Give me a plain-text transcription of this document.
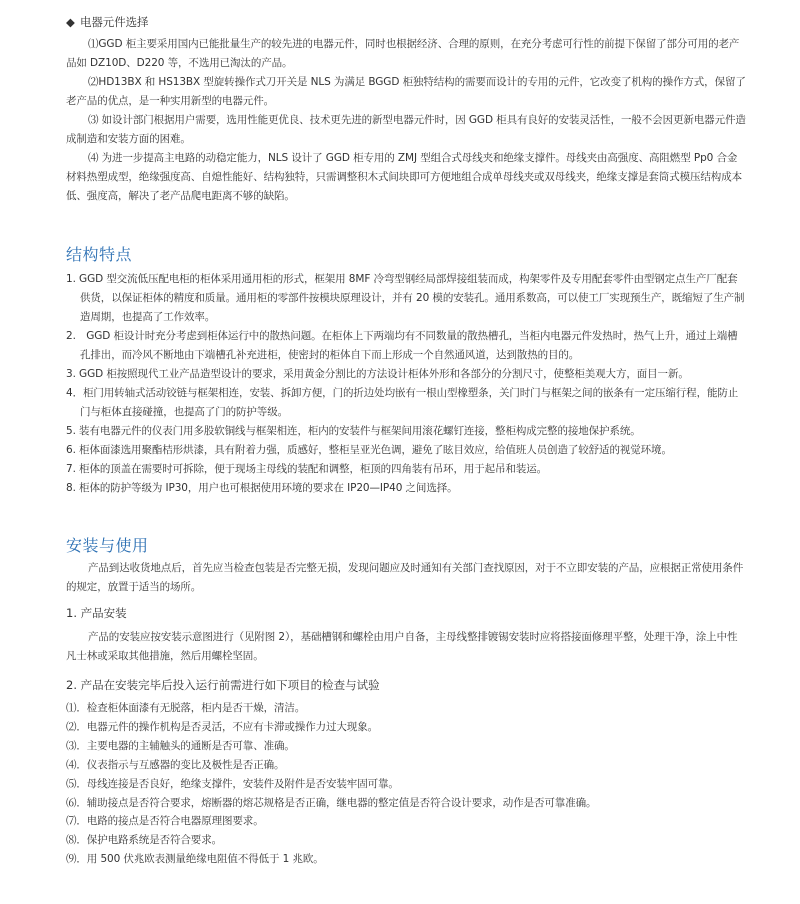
◆ 电器元件选择

⑴GGD 柜主要采用国内已能批量生产的较先进的电器元件，同时也根据经济、合理的原则，在充分考虑可行性的前提下保留了部分可用的老产品如 DZ10D、D220 等，不选用已淘汰的产品。

⑵HD13BX 和 HS13BX 型旋转操作式刀开关是 NLS 为满足 BGGD 柜独特结构的需要而设计的专用的元件，它改变了机构的操作方式，保留了老产品的优点，是一种实用新型的电器元件。

⑶ 如设计部门根据用户需要，选用性能更优良、技术更先进的新型电器元件时，因 GGD 柜具有良好的安装灵活性，一般不会因更新电器元件造成制造和安装方面的困难。

⑷ 为进一步提高主电路的动稳定能力，NLS 设计了 GGD 柜专用的 ZMJ 型组合式母线夹和绝缘支撑件。母线夹由高强度、高阻燃型 Pp0 合金材料热塑成型，绝缘强度高、自熄性能好、结构独特，只需调整积木式间块即可方便地组合成单母线夹或双母线夹，绝缘支撑是套筒式模压结构成本低、强度高，解决了老产品爬电距离不够的缺陷。

结构特点

1. GGD 型交流低压配电柜的柜体采用通用柜的形式，框架用 8MF 冷弯型钢经局部焊接组装而成，构架零件及专用配套零件由型钢定点生产厂配套供货，以保证柜体的精度和质量。通用柜的零部件按模块原理设计，并有 20 模的安装孔。通用系数高，可以使工厂实现预生产，既缩短了生产制造周期，也提高了工作效率。

2.　GGD 柜设计时充分考虑到柜体运行中的散热问题。在柜体上下两端均有不同数量的散热槽孔，当柜内电器元件发热时，热气上升，通过上端槽孔排出，而冷风不断地由下端槽孔补充进柜，使密封的柜体自下而上形成一个自然通风道，达到散热的目的。

3. GGD 柜按照现代工业产品造型设计的要求，采用黄金分割比的方法设计柜体外形和各部分的分割尺寸，使整柜美观大方，面目一新。

4．柜门用转轴式活动铰链与框架相连，安装、拆卸方便，门的折边处均嵌有一根山型橡塑条，关门时门与框架之间的嵌条有一定压缩行程，能防止门与柜体直接碰撞，也提高了门的防护等级。

5. 装有电器元件的仪表门用多股软铜线与框架相连，柜内的安装件与框架间用滚花螺钉连接，整柜构成完整的接地保护系统。

6. 柜体面漆选用聚酯桔形烘漆，具有附着力强，质感好，整柜呈亚光色调，避免了眩目效应，给值班人员创造了较舒适的视觉环境。

7. 柜体的顶盖在需要时可拆除，便于现场主母线的装配和调整，柜顶的四角装有吊环，用于起吊和装运。

8. 柜体的防护等级为 IP30，用户也可根据使用环境的要求在 IP20—IP40 之间选择。

安装与使用

产品到达收货地点后，首先应当检查包装是否完整无损，发现问题应及时通知有关部门查找原因，对于不立即安装的产品，应根据正常使用条件的规定，放置于适当的场所。

1. 产品安装

产品的安装应按安装示意图进行（见附图 2），基础槽钢和螺栓由用户自备，主母线整排镀锡安装时应将搭接面修理平整，处理干净，涂上中性凡士林或采取其他措施，然后用螺栓坚固。

2. 产品在安装完毕后投入运行前需进行如下项目的检查与试验

⑴．检查柜体面漆有无脱落，柜内是否干燥，清洁。

⑵．电器元件的操作机构是否灵活，不应有卡滞或操作力过大现象。

⑶．主要电器的主辅触头的通断是否可靠、准确。

⑷．仪表指示与互感器的变比及极性是否正确。

⑸．母线连接是否良好，绝缘支撑件，安装件及附件是否安装牢固可靠。

⑹．辅助接点是否符合要求，熔断器的熔芯规格是否正确，继电器的整定值是否符合设计要求，动作是否可靠准确。

⑺．电路的接点是否符合电器原理图要求。

⑻．保护电路系统是否符合要求。

⑼．用 500 伏兆欧表测量绝缘电阻值不得低于 1 兆欧。
